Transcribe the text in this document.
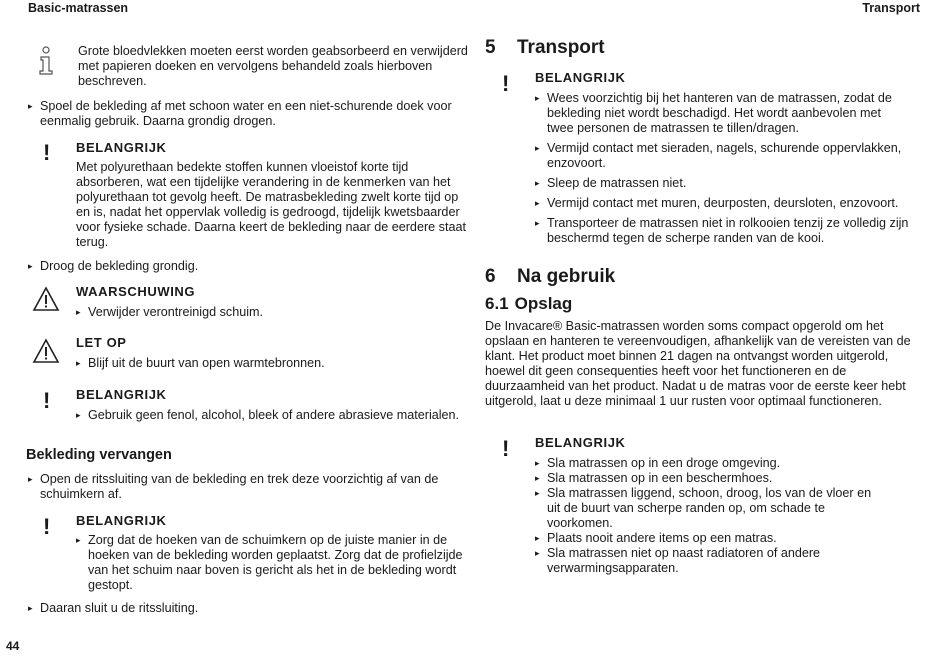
Basic-matrassen	Transport
Grote bloedvlekken moeten eerst worden geabsorbeerd en verwijderd met papieren doeken en vervolgens behandeld zoals hierboven beschreven.
▸ Spoel de bekleding af met schoon water en een niet-schurende doek voor eenmalig gebruik. Daarna grondig drogen.
! BELANGRIJK
Met polyurethaan bedekte stoffen kunnen vloeistof korte tijd absorberen, wat een tijdelijke verandering in de kenmerken van het polyurethaan tot gevolg heeft. De matrasbekleding zwelt korte tijd op en is, nadat het oppervlak volledig is gedroogd, tijdelijk kwetsbaarder voor fysieke schade. Daarna keert de bekleding naar de eerdere staat terug.
▸ Droog de bekleding grondig.
WAARSCHUWING
▸ Verwijder verontreinigd schuim.
LET OP
▸ Blijf uit de buurt van open warmtebronnen.
! BELANGRIJK
▸ Gebruik geen fenol, alcohol, bleek of andere abrasieve materialen.
Bekleding vervangen
▸ Open de ritssluiting van de bekleding en trek deze voorzichtig af van de schuimkern af.
! BELANGRIJK
▸ Zorg dat de hoeken van de schuimkern op de juiste manier in de hoeken van de bekleding worden geplaatst. Zorg dat de profielzijde van het schuim naar boven is gericht als het in de bekleding wordt gestopt.
▸ Daaran sluit u de ritssluiting.
44
5 Transport
! BELANGRIJK
▸ Wees voorzichtig bij het hanteren van de matrassen, zodat de bekleding niet wordt beschadigd. Het wordt aanbevolen met twee personen de matrassen te tillen/dragen.
▸ Vermijd contact met sieraden, nagels, schurende oppervlakken, enzovoort.
▸ Sleep de matrassen niet.
▸ Vermijd contact met muren, deurposten, deursloten, enzovoort.
▸ Transporteer de matrassen niet in rolkooien tenzij ze volledig zijn beschermd tegen de scherpe randen van de kooi.
6 Na gebruik
6.1 Opslag
De Invacare® Basic-matrassen worden soms compact opgerold om het opslaan en hanteren te vereenvoudigen, afhankelijk van de vereisten van de klant. Het product moet binnen 21 dagen na ontvangst worden uitgerold, hoewel dit geen consequenties heeft voor het functioneren en de duurzaamheid van het product. Nadat u de matras voor de eerste keer hebt uitgerold, laat u deze minimaal 1 uur rusten voor optimaal functioneren.
! BELANGRIJK
▸ Sla matrassen op in een droge omgeving.
▸ Sla matrassen op in een beschermhoes.
▸ Sla matrassen liggend, schoon, droog, los van de vloer en uit de buurt van scherpe randen op, om schade te voorkomen.
▸ Plaats nooit andere items op een matras.
▸ Sla matrassen niet op naast radiatoren of andere verwarmingsapparaten.
